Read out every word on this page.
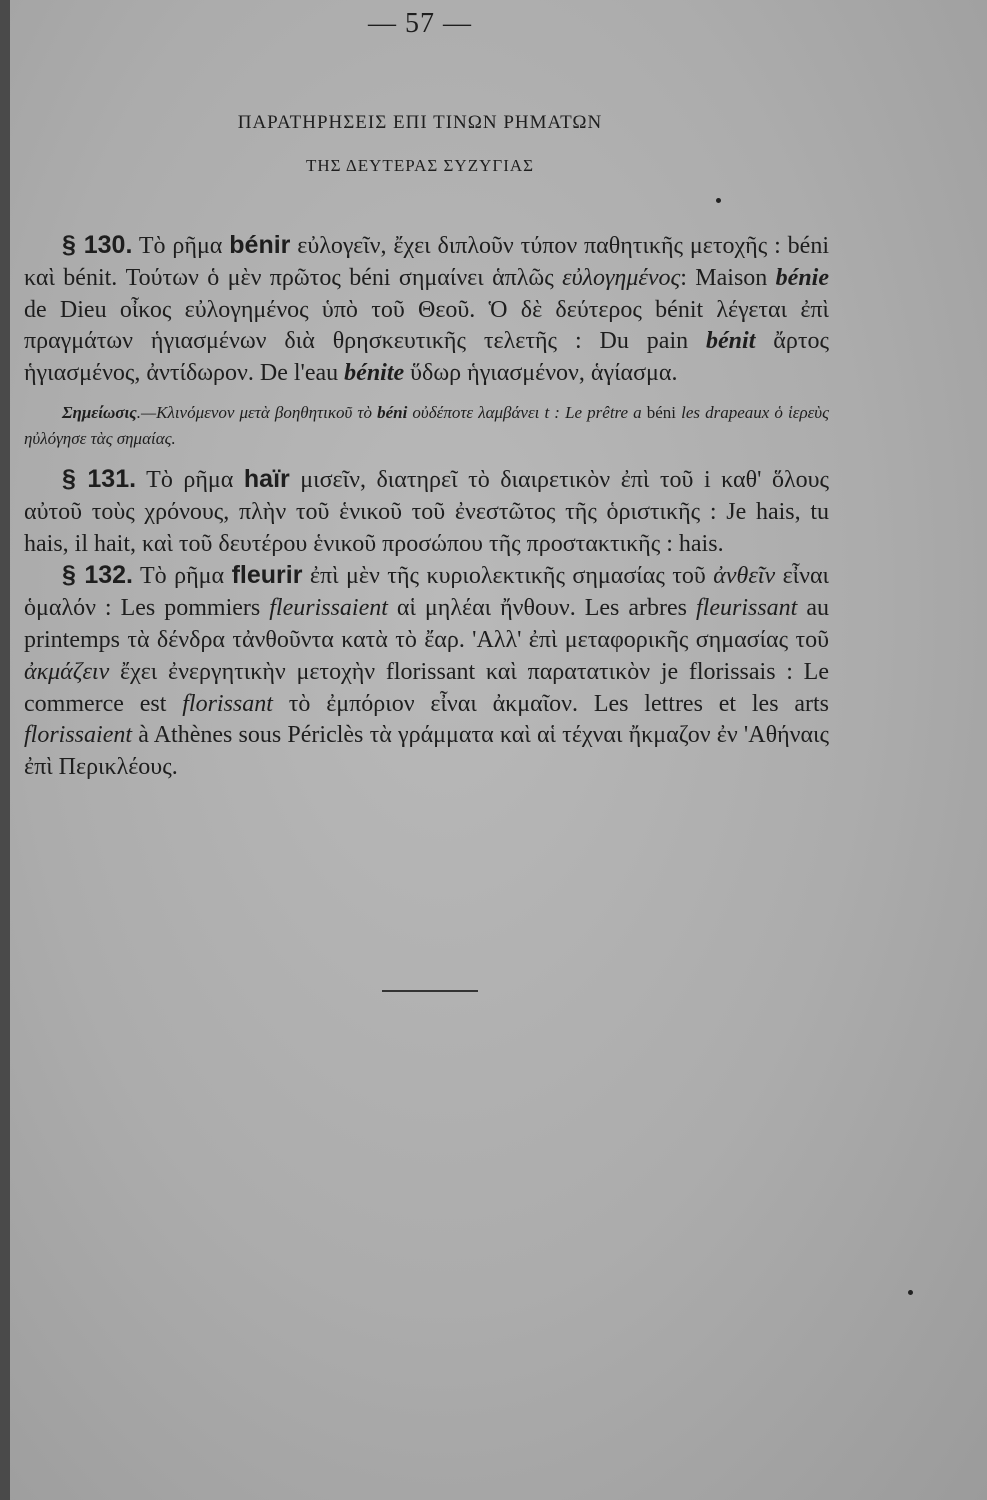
— 57 —
ΠΑΡΑΤΗΡΗΣΕΙΣ ΕΠΙ ΤΙΝΩΝ ΡΗΜΑΤΩΝ
ΤΗΣ ΔΕΥΤΕΡΑΣ ΣΥΖΥΓΙΑΣ

§ 130. Τὸ ρῆμα bénir εὐλογεῖν, ἔχει διπλοῦν τύπον παθητικῆς μετοχῆς : béni καὶ bénit. Τούτων ὁ μὲν πρῶτος béni σημαίνει ἁπλῶς εὐλογημένος: Maison bénie de Dieu οἶκος εὐλογημένος ὑπὸ τοῦ Θεοῦ. Ὁ δὲ δεύτερος bénit λέγεται ἐπὶ πραγμάτων ἡγιασμένων διὰ θρησκευτικῆς τελετῆς : Du pain bénit ἄρτος ἡγιασμένος, ἀντίδωρον. De l'eau bénite ὕδωρ ἡγιασμένον, ἁγίασμα.

Σημείωσις.—Κλινόμενον μετὰ βοηθητικοῦ τὸ béni οὐδέποτε λαμβάνει t : Le prêtre a béni les drapeaux ὁ ἱερεὺς ηὐλόγησε τὰς σημαίας.

§ 131. Τὸ ρῆμα haïr μισεῖν, διατηρεῖ τὸ διαιρετικὸν ἐπὶ τοῦ i καθ' ὅλους αὐτοῦ τοὺς χρόνους, πλὴν τοῦ ἑνικοῦ τοῦ ἐνεστῶτος τῆς ὁριστικῆς : Je hais, tu hais, il hait, καὶ τοῦ δευτέρου ἑνικοῦ προσώπου τῆς προστακτικῆς : hais.

§ 132. Τὸ ρῆμα fleurir ἐπὶ μὲν τῆς κυριολεκτικῆς σημασίας τοῦ ἀνθεῖν εἶναι ὁμαλόν : Les pommiers fleurissaient αἱ μηλέαι ἤνθουν. Les arbres fleurissant au printemps τὰ δένδρα τἀνθοῦντα κατὰ τὸ ἔαρ. 'Αλλ' ἐπὶ μεταφορικῆς σημασίας τοῦ ἀκμάζειν ἔχει ἐνεργητικὴν μετοχὴν florissant καὶ παρατατικὸν je florissais : Le commerce est florissant τὸ ἐμπόριον εἶναι ἀκμαῖον. Les lettres et les arts florissaient à Athènes sous Périclès τὰ γράμματα καὶ αἱ τέχναι ἤκμαζον ἐν 'Αθήναις ἐπὶ Περικλέους.
